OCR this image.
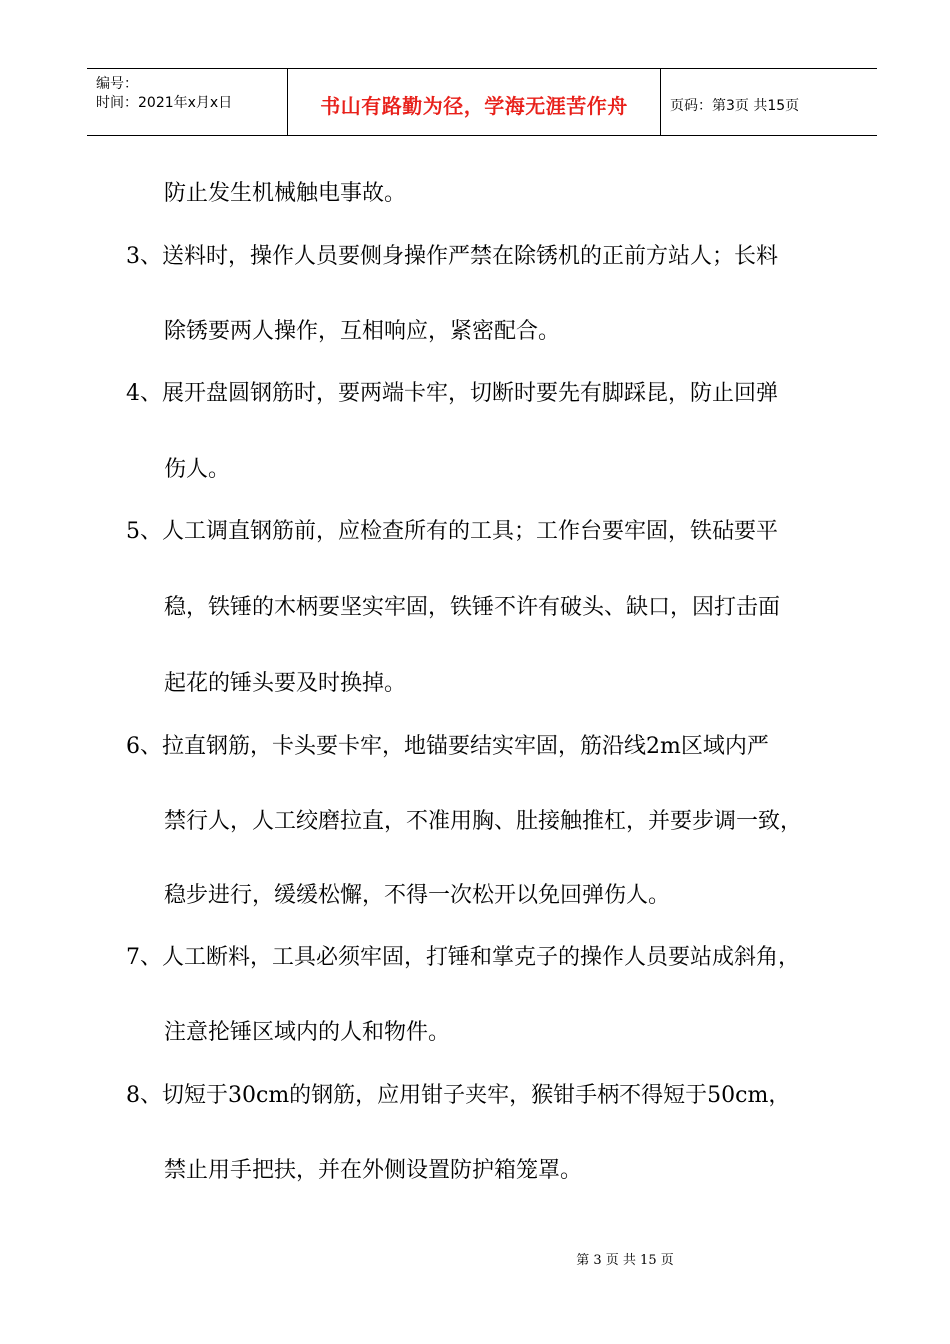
编号：
时间：2021年x月x日	书山有路勤为径，学海无涯苦作舟	页码：第3页 共15页
防止发生机械触电事故。
3、送料时，操作人员要侧身操作严禁在除锈机的正前方站人；长料
除锈要两人操作，互相响应，紧密配合。
4、展开盘圆钢筋时，要两端卡牢，切断时要先有脚踩昆，防止回弹
伤人。
5、人工调直钢筋前，应检查所有的工具；工作台要牢固，铁砧要平
稳，铁锤的木柄要坚实牢固，铁锤不许有破头、缺口，因打击面
起花的锤头要及时换掉。
6、拉直钢筋，卡头要卡牢，地锚要结实牢固，筋沿线2m区域内严
禁行人，人工绞磨拉直，不准用胸、肚接触推杠，并要步调一致，
稳步进行，缓缓松懈，不得一次松开以免回弹伤人。
7、人工断料，工具必须牢固，打锤和掌克子的操作人员要站成斜角，
注意抡锤区域内的人和物件。
8、切短于30cm的钢筋，应用钳子夹牢，猴钳手柄不得短于50cm，
禁止用手把扶，并在外侧设置防护箱笼罩。
第 3 页 共 15 页
